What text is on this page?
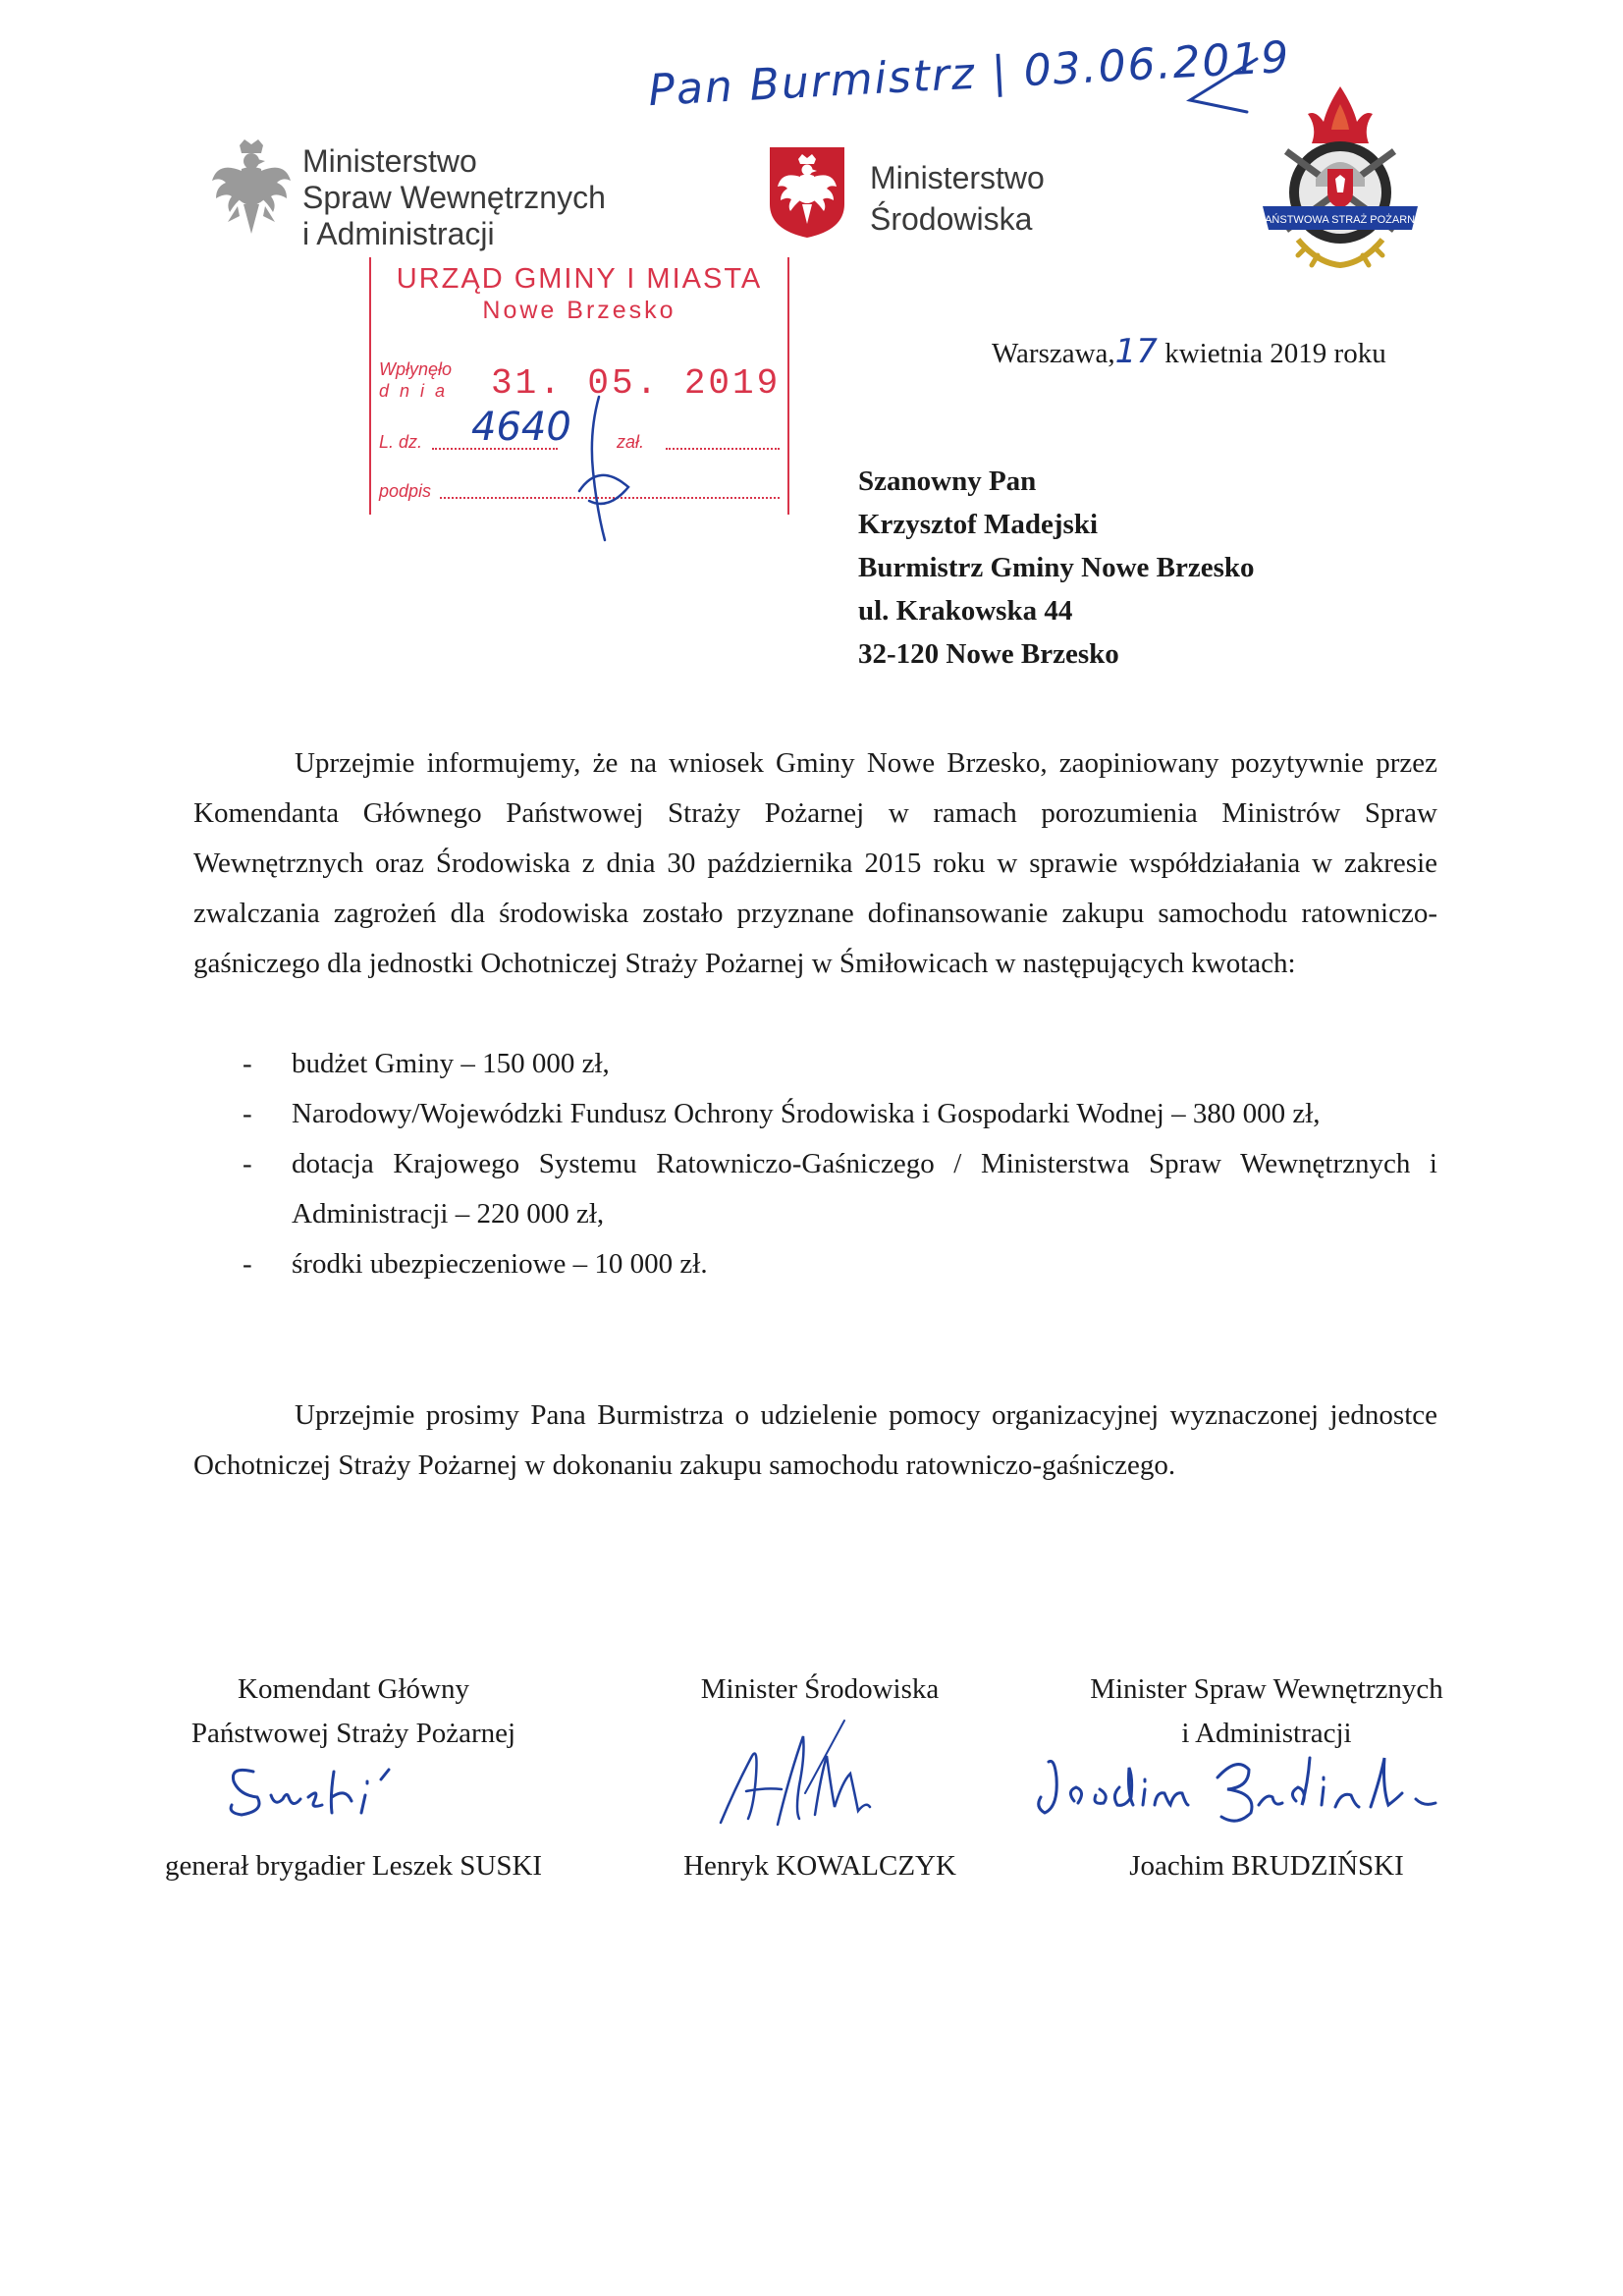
Pan Burmistrz | 03.06.2019
Ministerstwo
Spraw Wewnętrznych
i Administracji
Ministerstwo
Środowiska	PAŃSTWOWA STRAŻ POŻARNA
URZĄD GMINY I MIASTA
Nowe Brzesko
Wpłynęło
d n i a 31. 05. 2019
L. dz. 4640	zał.
podpis
Warszawa,17 kwietnia 2019 roku
Szanowny Pan
Krzysztof Madejski
Burmistrz Gminy Nowe Brzesko
ul. Krakowska 44
32-120 Nowe Brzesko
Uprzejmie informujemy, że na wniosek Gminy Nowe Brzesko, zaopiniowany pozytywnie przez Komendanta Głównego Państwowej Straży Pożarnej w ramach porozumienia Ministrów Spraw Wewnętrznych oraz Środowiska z dnia 30 października 2015 roku w sprawie współdziałania w zakresie zwalczania zagrożeń dla środowiska zostało przyznane dofinansowanie zakupu samochodu ratowniczo-gaśniczego dla jednostki Ochotniczej Straży Pożarnej w Śmiłowicach w następujących kwotach:
- budżet Gminy – 150 000 zł,
- Narodowy/Wojewódzki Fundusz Ochrony Środowiska i Gospodarki Wodnej – 380 000 zł,
- dotacja Krajowego Systemu Ratowniczo-Gaśniczego / Ministerstwa Spraw Wewnętrznych i Administracji – 220 000 zł,
- środki ubezpieczeniowe – 10 000 zł.
Uprzejmie prosimy Pana Burmistrza o udzielenie pomocy organizacyjnej wyznaczonej jednostce Ochotniczej Straży Pożarnej w dokonaniu zakupu samochodu ratowniczo-gaśniczego.
Komendant Główny
Państwowej Straży Pożarnej
generał brygadier Leszek SUSKI
Minister Środowiska
Henryk KOWALCZYK
Minister Spraw Wewnętrznych
i Administracji
Joachim BRUDZIŃSKI
